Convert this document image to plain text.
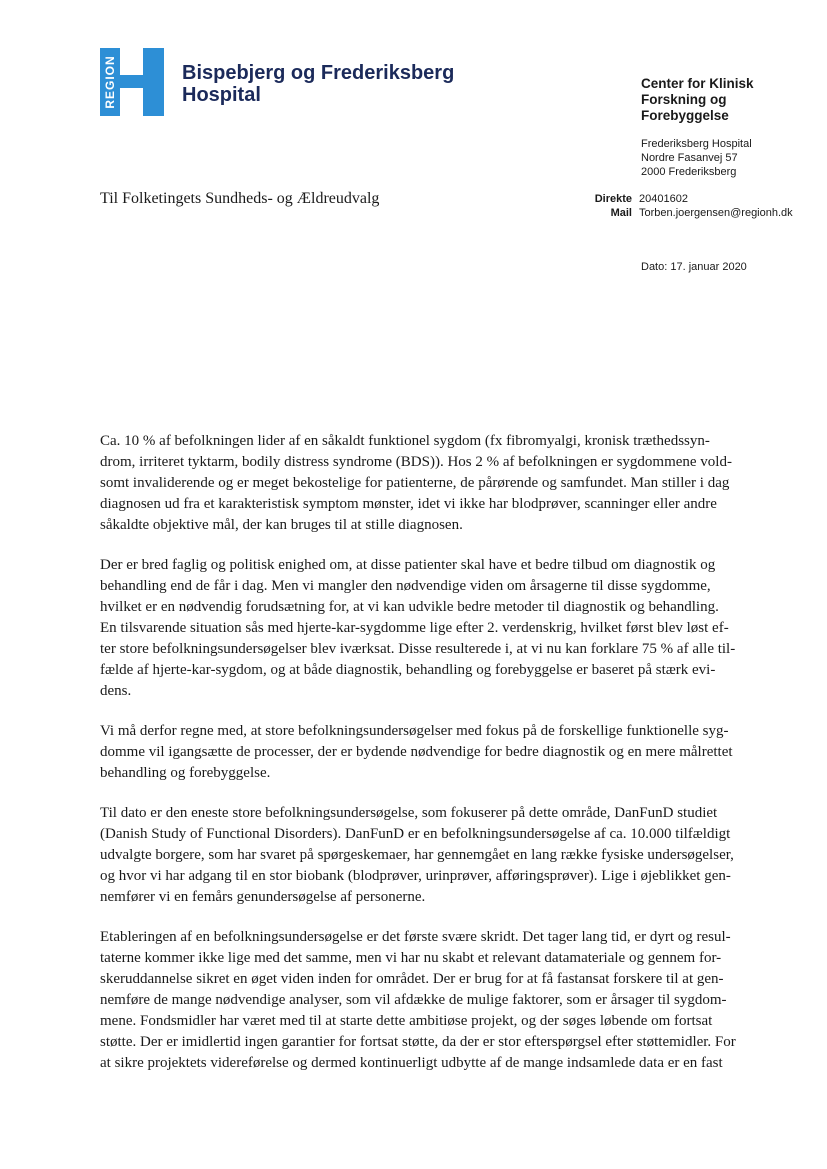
REGION	Bispebjerg og Frederiksberg
Hospital
Center for Klinisk
Forskning og
Forebyggelse
Frederiksberg Hospital
Nordre Fasanvej 57
2000 Frederiksberg
Til Folketingets Sundheds- og Ældreudvalg	Direkte 20401602
Mail Torben.joergensen@regionh.dk
Dato: 17. januar 2020
Ca. 10 % af befolkningen lider af en såkaldt funktionel sygdom (fx fibromyalgi, kronisk træthedssyn-
drom, irriteret tyktarm, bodily distress syndrome (BDS)). Hos 2 % af befolkningen er sygdommene vold-
somt invaliderende og er meget bekostelige for patienterne, de pårørende og samfundet. Man stiller i dag
diagnosen ud fra et karakteristisk symptom mønster, idet vi ikke har blodprøver, scanninger eller andre
såkaldte objektive mål, der kan bruges til at stille diagnosen.
Der er bred faglig og politisk enighed om, at disse patienter skal have et bedre tilbud om diagnostik og
behandling end de får i dag. Men vi mangler den nødvendige viden om årsagerne til disse sygdomme,
hvilket er en nødvendig forudsætning for, at vi kan udvikle bedre metoder til diagnostik og behandling.
En tilsvarende situation sås med hjerte-kar-sygdomme lige efter 2. verdenskrig, hvilket først blev løst ef-
ter store befolkningsundersøgelser blev iværksat. Disse resulterede i, at vi nu kan forklare 75 % af alle til-
fælde af hjerte-kar-sygdom, og at både diagnostik, behandling og forebyggelse er baseret på stærk evi-
dens.
Vi må derfor regne med, at store befolkningsundersøgelser med fokus på de forskellige funktionelle syg-
domme vil igangsætte de processer, der er bydende nødvendige for bedre diagnostik og en mere målrettet
behandling og forebyggelse.
Til dato er den eneste store befolkningsundersøgelse, som fokuserer på dette område, DanFunD studiet
(Danish Study of Functional Disorders). DanFunD er en befolkningsundersøgelse af ca. 10.000 tilfældigt
udvalgte borgere, som har svaret på spørgeskemaer, har gennemgået en lang række fysiske undersøgelser,
og hvor vi har adgang til en stor biobank (blodprøver, urinprøver, afføringsprøver). Lige i øjeblikket gen-
nemfører vi en femårs genundersøgelse af personerne.
Etableringen af en befolkningsundersøgelse er det første svære skridt. Det tager lang tid, er dyrt og resul-
taterne kommer ikke lige med det samme, men vi har nu skabt et relevant datamateriale og gennem for-
skeruddannelse sikret en øget viden inden for området. Der er brug for at få fastansat forskere til at gen-
nemføre de mange nødvendige analyser, som vil afdække de mulige faktorer, som er årsager til sygdom-
mene. Fondsmidler har været med til at starte dette ambitiøse projekt, og der søges løbende om fortsat
støtte. Der er imidlertid ingen garantier for fortsat støtte, da der er stor efterspørgsel efter støttemidler. For
at sikre projektets videreførelse og dermed kontinuerligt udbytte af de mange indsamlede data er en fast
